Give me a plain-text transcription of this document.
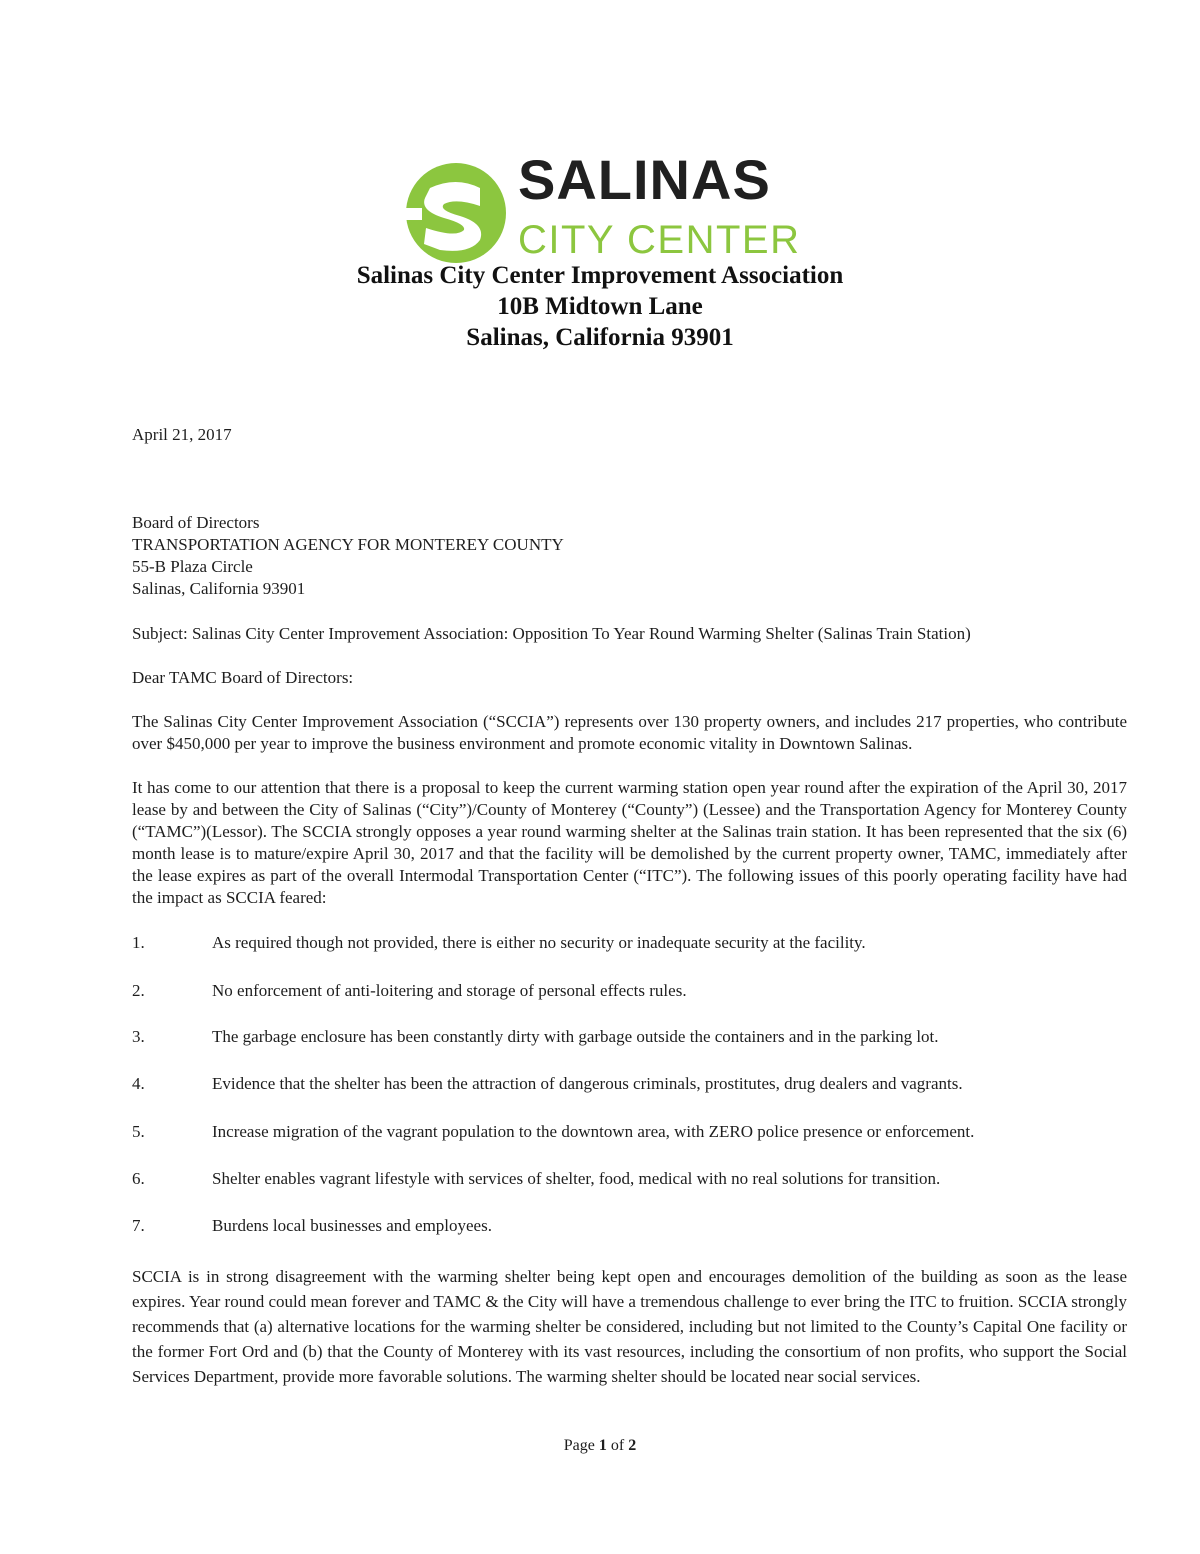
SALINAS
CITY CENTER
Salinas City Center Improvement Association
10B Midtown Lane
Salinas, California 93901
April 21, 2017
Board of Directors
TRANSPORTATION AGENCY FOR MONTEREY COUNTY
55-B Plaza Circle
Salinas, California 93901
Subject: Salinas City Center Improvement Association: Opposition To Year Round Warming Shelter (Salinas Train Station)
Dear TAMC Board of Directors:
The Salinas City Center Improvement Association (“SCCIA”) represents over 130 property owners, and includes 217 properties, who contribute over $450,000 per year to improve the business environment and promote economic vitality in Downtown Salinas.
It has come to our attention that there is a proposal to keep the current warming station open year round after the expiration of the April 30, 2017 lease by and between the City of Salinas (“City”)/County of Monterey (“County”) (Lessee) and the Transportation Agency for Monterey County (“TAMC”)(Lessor). The SCCIA strongly opposes a year round warming shelter at the Salinas train station. It has been represented that the six (6) month lease is to mature/expire April 30, 2017 and that the facility will be demolished by the current property owner, TAMC, immediately after the lease expires as part of the overall Intermodal Transportation Center (“ITC”). The following issues of this poorly operating facility have had the impact as SCCIA feared:
1.	As required though not provided, there is either no security or inadequate security at the facility.
2.	No enforcement of anti-loitering and storage of personal effects rules.
3.	The garbage enclosure has been constantly dirty with garbage outside the containers and in the parking lot.
4.	Evidence that the shelter has been the attraction of dangerous criminals, prostitutes, drug dealers and vagrants.
5.	Increase migration of the vagrant population to the downtown area, with ZERO police presence or enforcement.
6.	Shelter enables vagrant lifestyle with services of shelter, food, medical with no real solutions for transition.
7.	Burdens local businesses and employees.
SCCIA is in strong disagreement with the warming shelter being kept open and encourages demolition of the building as soon as the lease expires. Year round could mean forever and TAMC & the City will have a tremendous challenge to ever bring the ITC to fruition. SCCIA strongly recommends that (a) alternative locations for the warming shelter be considered, including but not limited to the County’s Capital One facility or the former Fort Ord and (b) that the County of Monterey with its vast resources, including the consortium of non profits, who support the Social Services Department, provide more favorable solutions. The warming shelter should be located near social services.
Page 1 of 2
